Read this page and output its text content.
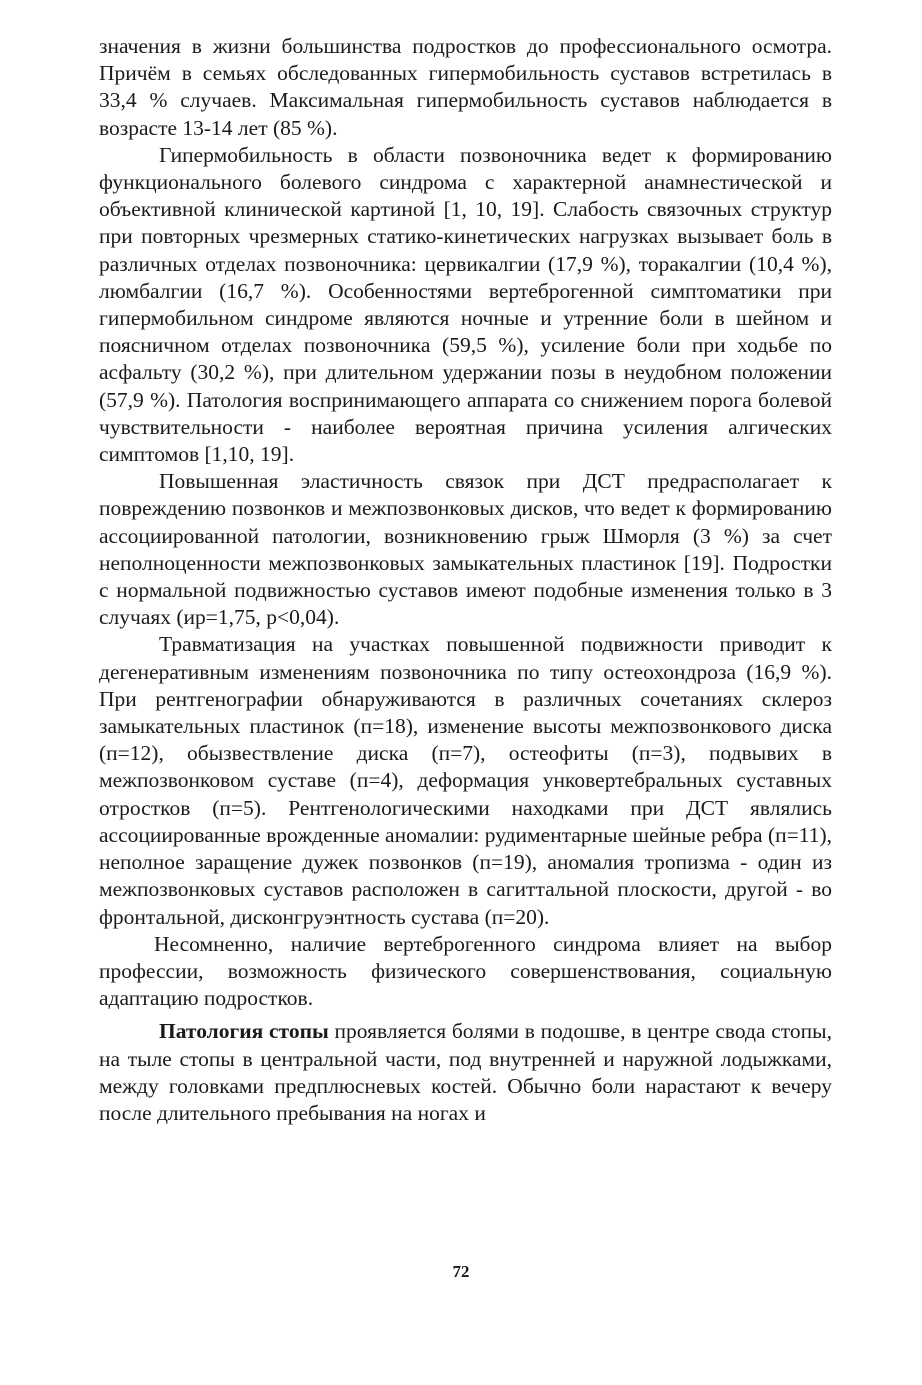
значения в жизни большинства подростков до профессионального осмотра. Причём в семьях обследованных гипермобильность суставов встретилась в 33,4 % случаев. Максимальная гипермобильность суставов наблюдается в возрасте 13-14 лет (85 %).

Гипермобильность в области позвоночника ведет к формированию функционального болевого синдрома с характерной анамнестической и объективной клинической картиной [1, 10, 19]. Слабость связочных структур при повторных чрезмерных статико-кинетических нагрузках вызывает боль в различных отделах позвоночника: цервикалгии (17,9 %), торакалгии (10,4 %), люмбалгии (16,7 %). Особенностями вертеброгенной симптоматики при гипермобильном синдроме являются ночные и утренние боли в шейном и поясничном отделах позвоночника (59,5 %), усиление боли при ходьбе по асфальту (30,2 %), при длительном удержании позы в неудобном положении (57,9 %). Патология воспринимающего аппарата со снижением порога болевой чувствительности - наиболее вероятная причина усиления алгических симптомов [1,10, 19].

Повышенная эластичность связок при ДСТ предрасполагает к повреждению позвонков и межпозвонковых дисков, что ведет к формированию ассоциированной патологии, возникновению грыж Шморля (3 %) за счет неполноценности межпозвонковых замыкательных пластинок [19]. Подростки с нормальной подвижностью суставов имеют подобные изменения только в 3 случаях (ир=1,75, р<0,04).

Травматизация на участках повышенной подвижности приводит к дегенеративным изменениям позвоночника по типу остеохондроза (16,9 %). При рентгенографии обнаруживаются в различных сочетаниях склероз замыкательных пластинок (п=18), изменение высоты межпозвонкового диска (п=12), обызвествление диска (п=7), остеофиты (п=3), подвывих в межпозвонковом суставе (п=4), деформация унковертебральных суставных отростков (п=5). Рентгенологическими находками при ДСТ являлись ассоциированные врожденные аномалии: рудиментарные шейные ребра (п=11), неполное заращение дужек позвонков (п=19), аномалия тропизма - один из межпозвонковых суставов расположен в сагиттальной плоскости, другой - во фронтальной, дисконгруэнтность сустава (п=20).

Несомненно, наличие вертеброгенного синдрома влияет на выбор профессии, возможность физического совершенствования, социальную адаптацию подростков.

Патология стопы проявляется болями в подошве, в центре свода стопы, на тыле стопы в центральной части, под внутренней и наружной лодыжками, между головками предплюсневых костей. Обычно боли нарастают к вечеру после длительного пребывания на ногах и

72
